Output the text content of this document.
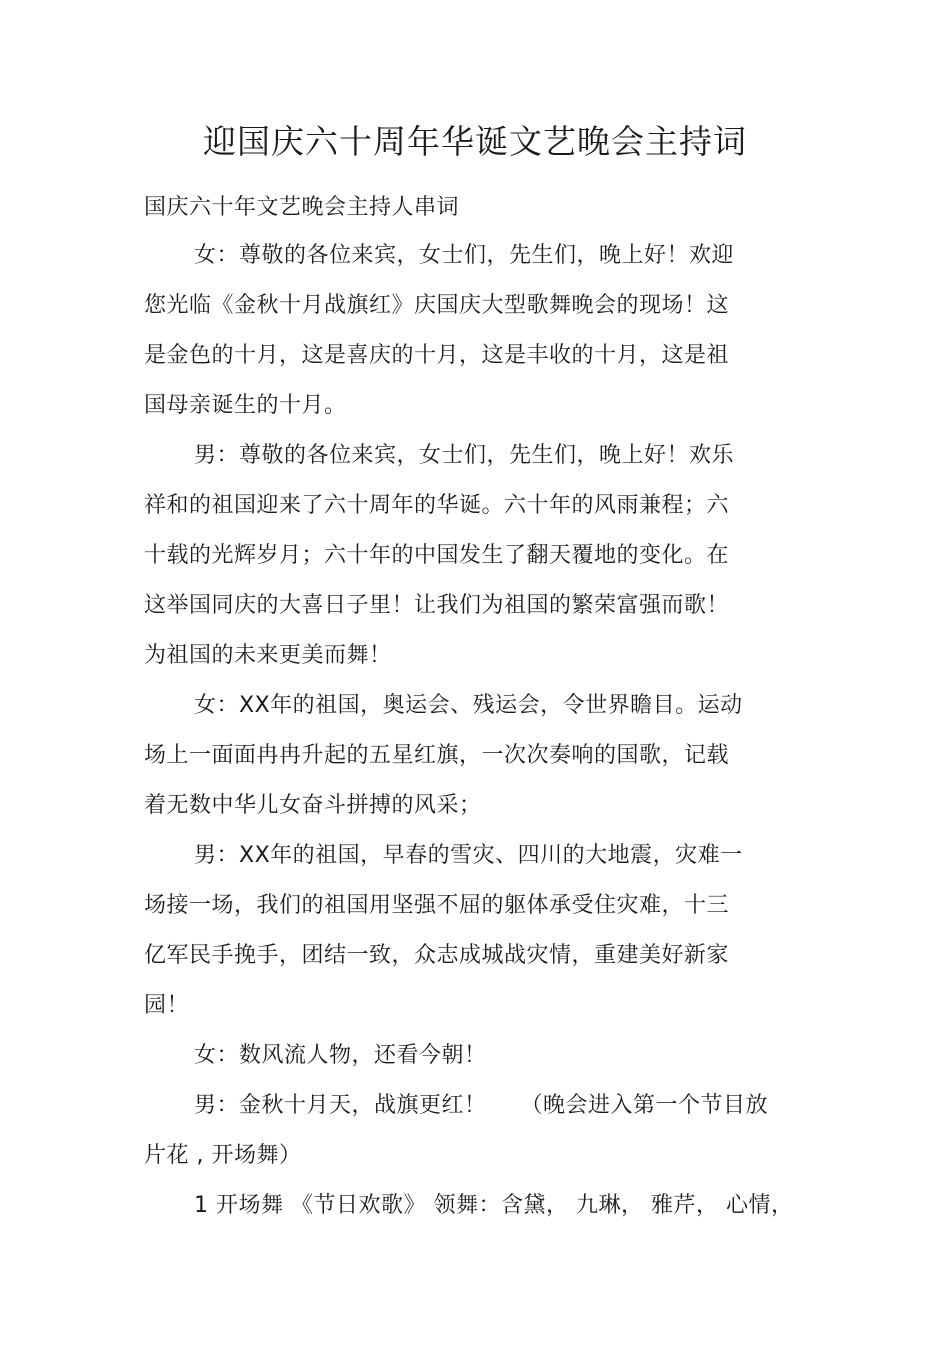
迎国庆六十周年华诞文艺晚会主持词
国庆六十年文艺晚会主持人串词
女：尊敬的各位来宾，女士们，先生们，晚上好！欢迎
您光临《金秋十月战旗红》庆国庆大型歌舞晚会的现场！这
是金色的十月，这是喜庆的十月，这是丰收的十月，这是祖
国母亲诞生的十月。
男：尊敬的各位来宾，女士们，先生们，晚上好！欢乐
祥和的祖国迎来了六十周年的华诞。六十年的风雨兼程；六
十载的光辉岁月；六十年的中国发生了翻天覆地的变化。在
这举国同庆的大喜日子里！让我们为祖国的繁荣富强而歌！
为祖国的未来更美而舞！
女：XX年的祖国，奥运会、残运会，令世界瞻目。运动
场上一面面冉冉升起的五星红旗，一次次奏响的国歌，记载
着无数中华儿女奋斗拼搏的风采；
男：XX年的祖国，早春的雪灾、四川的大地震，灾难一
场接一场，我们的祖国用坚强不屈的躯体承受住灾难，十三
亿军民手挽手，团结一致，众志成城战灾情，重建美好新家
园！
女：数风流人物，还看今朝！
男：金秋十月天，战旗更红！　　（晚会进入第一个节目放
片花 , 开场舞）
1 开场舞 《节日欢歌》 领舞：含黛， 九琳， 雅芹， 心情，
